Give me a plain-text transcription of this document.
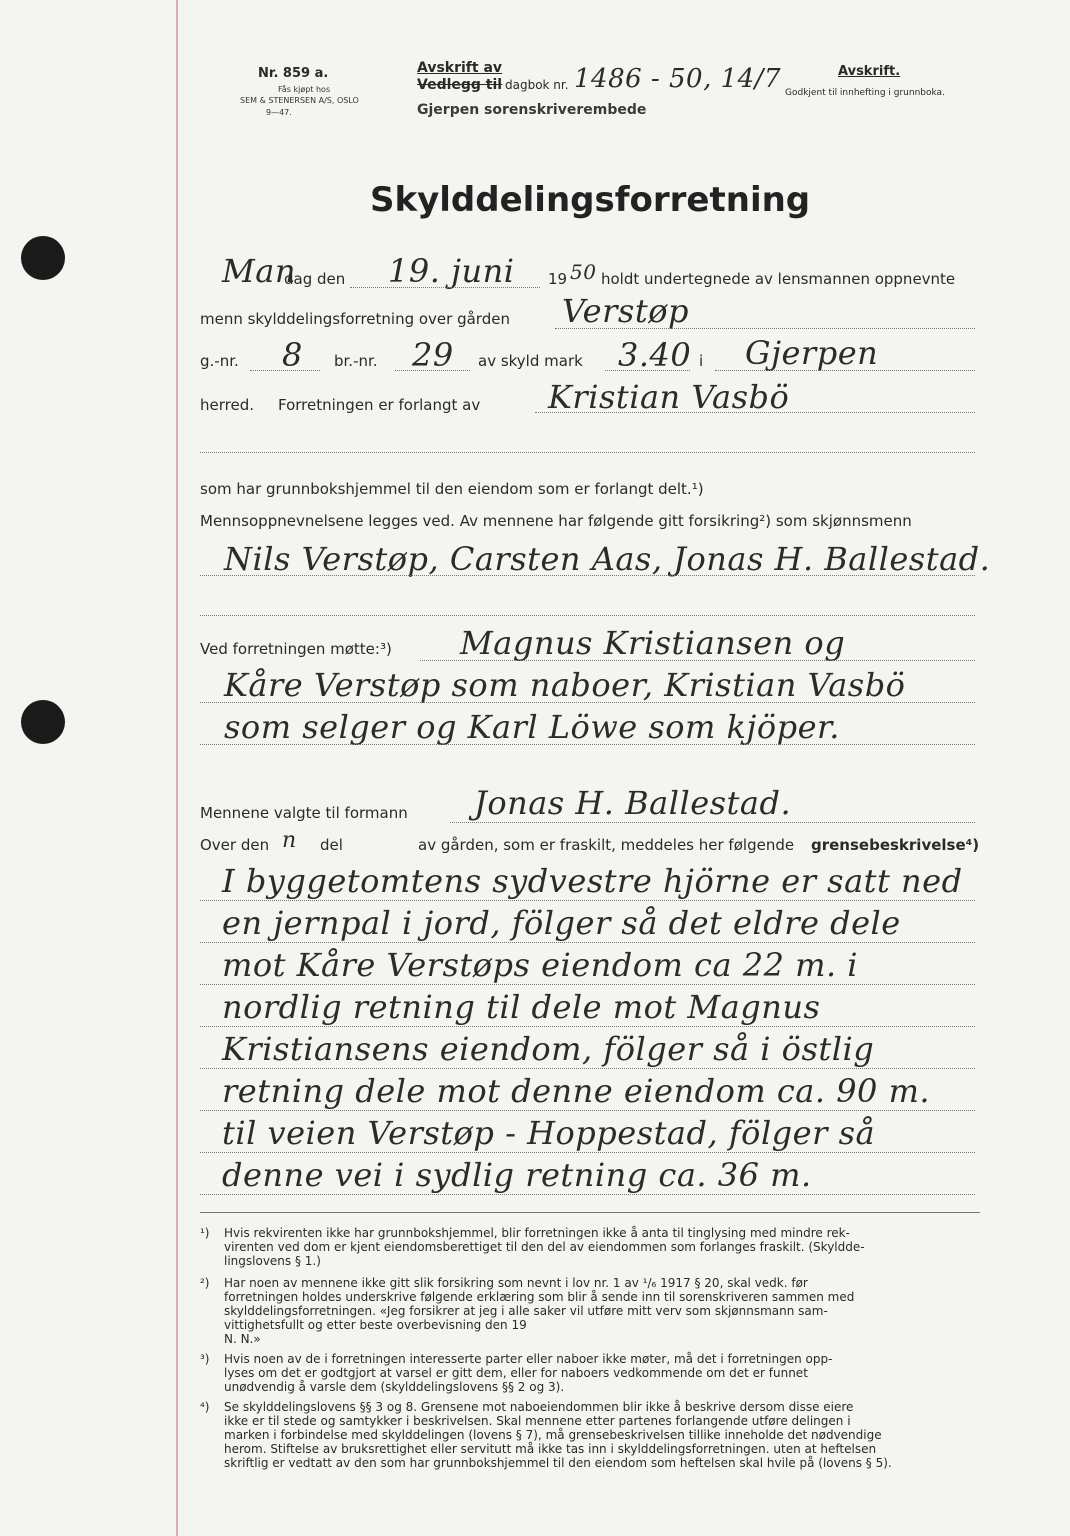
Nr. 859 a.
Fås kjøpt hos
SEM & STENERSEN A/S, OSLO
9—47.
Avskrift av
Vedlegg til dagbok nr. 1486 - 50, 14/7
Gjerpen sorenskriverembede
Avskrift.
Godkjent til innhefting i grunnboka.
Skylddelingsforretning
Man
dag den 19. juni 19 50 holdt undertegnede av lensmannen oppnevnte
menn skylddelingsforretning over gården Verstøp
g.-nr. 8 br.-nr. 29 av skyld mark 3.40 i Gjerpen
herred. Forretningen er forlangt av Kristian Vasbö
som har grunnbokshjemmel til den eiendom som er forlangt delt.¹)
Mennsoppnevnelsene legges ved. Av mennene har følgende gitt forsikring²) som skjønnsmenn
Nils Verstøp, Carsten Aas, Jonas H. Ballestad.
Ved forretningen møtte:³) Magnus Kristiansen og
Kåre Verstøp som naboer, Kristian Vasbö
som selger og Karl Löwe som kjöper.
Mennene valgte til formann Jonas H. Ballestad.
Over den n del	av gården, som er fraskilt, meddeles her følgende grensebeskrivelse⁴)
I byggetomtens sydvestre hjörne er satt ned
en jernpal i jord, fölger så det eldre dele
mot Kåre Verstøps eiendom ca 22 m. i
nordlig retning til dele mot Magnus
Kristiansens eiendom, fölger så i östlig
retning dele mot denne eiendom ca. 90 m.
til veien Verstøp - Hoppestad, fölger så
denne vei i sydlig retning ca. 36 m.
¹) Hvis rekvirenten ikke har grunnbokshjemmel, blir forretningen ikke å anta til tinglysing med mindre rek-
virenten ved dom er kjent eiendomsberettiget til den del av eiendommen som forlanges fraskilt. (Skyldde-
lingslovens § 1.)
²) Har noen av mennene ikke gitt slik forsikring som nevnt i lov nr. 1 av ¹/₆ 1917 § 20, skal vedk. før
forretningen holdes underskrive følgende erklæring som blir å sende inn til sorenskriveren sammen med
skylddelingsforretningen. «Jeg forsikrer at jeg i alle saker vil utføre mitt verv som skjønnsmann sam-
vittighetsfullt og etter beste overbevisning den 19
N. N.»
³) Hvis noen av de i forretningen interesserte parter eller naboer ikke møter, må det i forretningen opp-
lyses om det er godtgjort at varsel er gitt dem, eller for naboers vedkommende om det er funnet
unødvendig å varsle dem (skylddelingslovens §§ 2 og 3).
⁴) Se skylddelingslovens §§ 3 og 8. Grensene mot naboeiendommen blir ikke å beskrive dersom disse eiere
ikke er til stede og samtykker i beskrivelsen. Skal mennene etter partenes forlangende utføre delingen i
marken i forbindelse med skylddelingen (lovens § 7), må grensebeskrivelsen tillike inneholde det nødvendige
herom. Stiftelse av bruksrettighet eller servitutt må ikke tas inn i skylddelingsforretningen. uten at heftelsen
skriftlig er vedtatt av den som har grunnbokshjemmel til den eiendom som heftelsen skal hvile på (lovens § 5).
